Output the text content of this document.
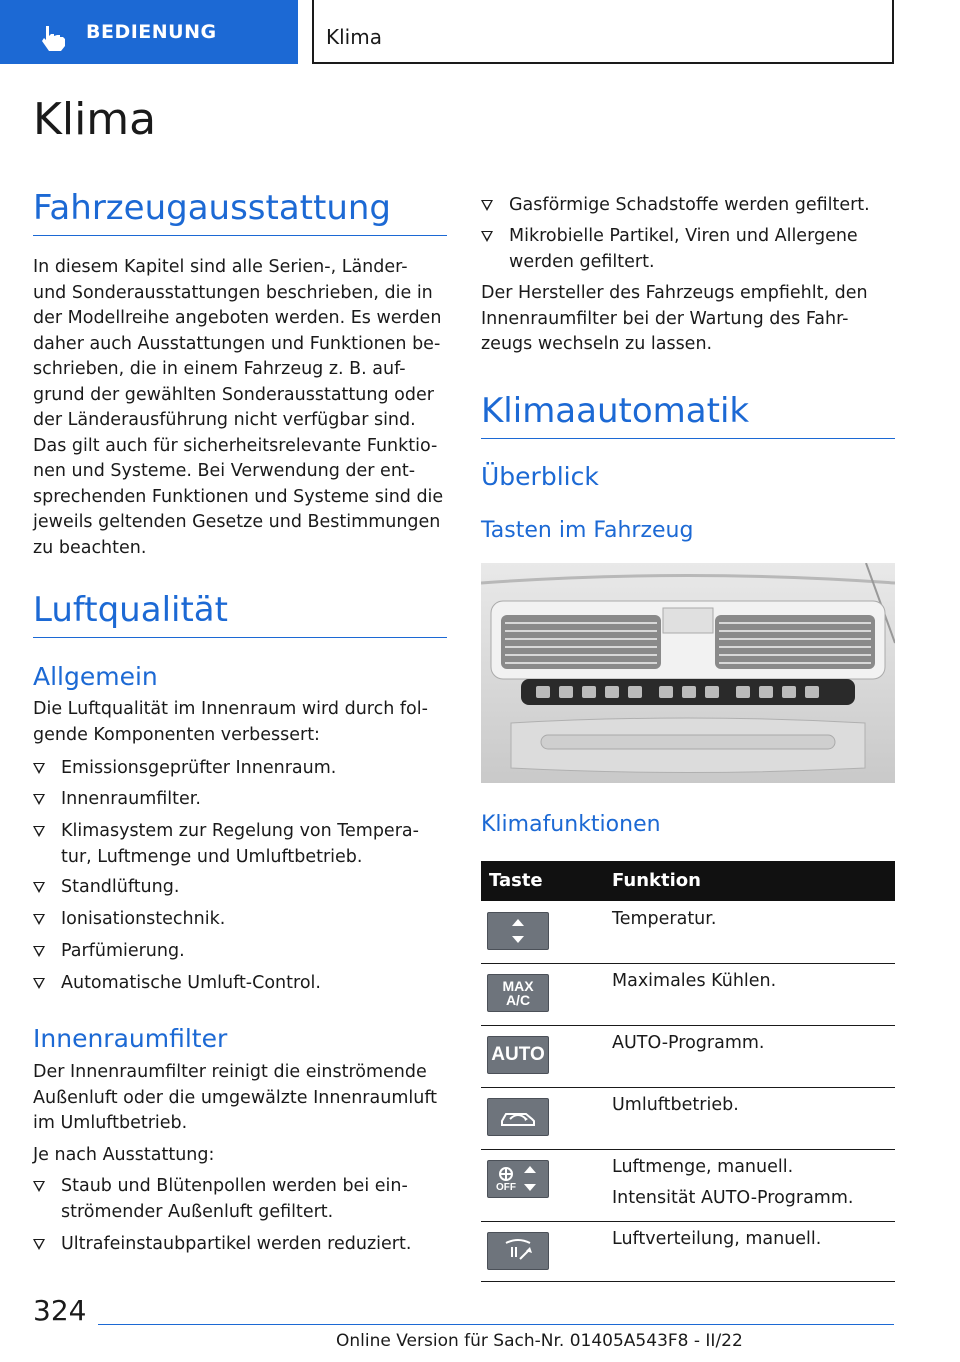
BEDIENUNG	Klima
Klima
Fahrzeugausstattung
In diesem Kapitel sind alle Serien-, Länder-
und Sonderausstattungen beschrieben, die in
der Modellreihe angeboten werden. Es werden
daher auch Ausstattungen und Funktionen be-
schrieben, die in einem Fahrzeug z. B. auf-
grund der gewählten Sonderausstattung oder
der Länderausführung nicht verfügbar sind.
Das gilt auch für sicherheitsrelevante Funktio-
nen und Systeme. Bei Verwendung der ent-
sprechenden Funktionen und Systeme sind die
jeweils geltenden Gesetze und Bestimmungen
zu beachten.
Luftqualität
Allgemein
Die Luftqualität im Innenraum wird durch fol-
gende Komponenten verbessert:
Emissionsgeprüfter Innenraum.
Innenraumfilter.
Klimasystem zur Regelung von Tempera-
tur, Luftmenge und Umluftbetrieb.
Standlüftung.
Ionisationstechnik.
Parfümierung.
Automatische Umluft-Control.
Innenraumfilter
Der Innenraumfilter reinigt die einströmende
Außenluft oder die umgewälzte Innenraumluft
im Umluftbetrieb.

Je nach Ausstattung:

Staub und Blütenpollen werden bei ein-
strömender Außenluft gefiltert.
Ultrafeinstaubpartikel werden reduziert.
Gasförmige Schadstoffe werden gefiltert.
Mikrobielle Partikel, Viren und Allergene
werden gefiltert.
Der Hersteller des Fahrzeugs empfiehlt, den
Innenraumfilter bei der Wartung des Fahr-
zeugs wechseln zu lassen.
Klimaautomatik
Überblick
Tasten im Fahrzeug
Klimafunktionen
Taste	Funktion
Temperatur.
MAX
A/C
Maximales Kühlen.
AUTO
AUTO-Programm.
Umluftbetrieb.
OFF
Luftmenge, manuell.
Intensität AUTO-Programm.
Luftverteilung, manuell.
324
Online Version für Sach-Nr. 01405A543F8 - II/22
